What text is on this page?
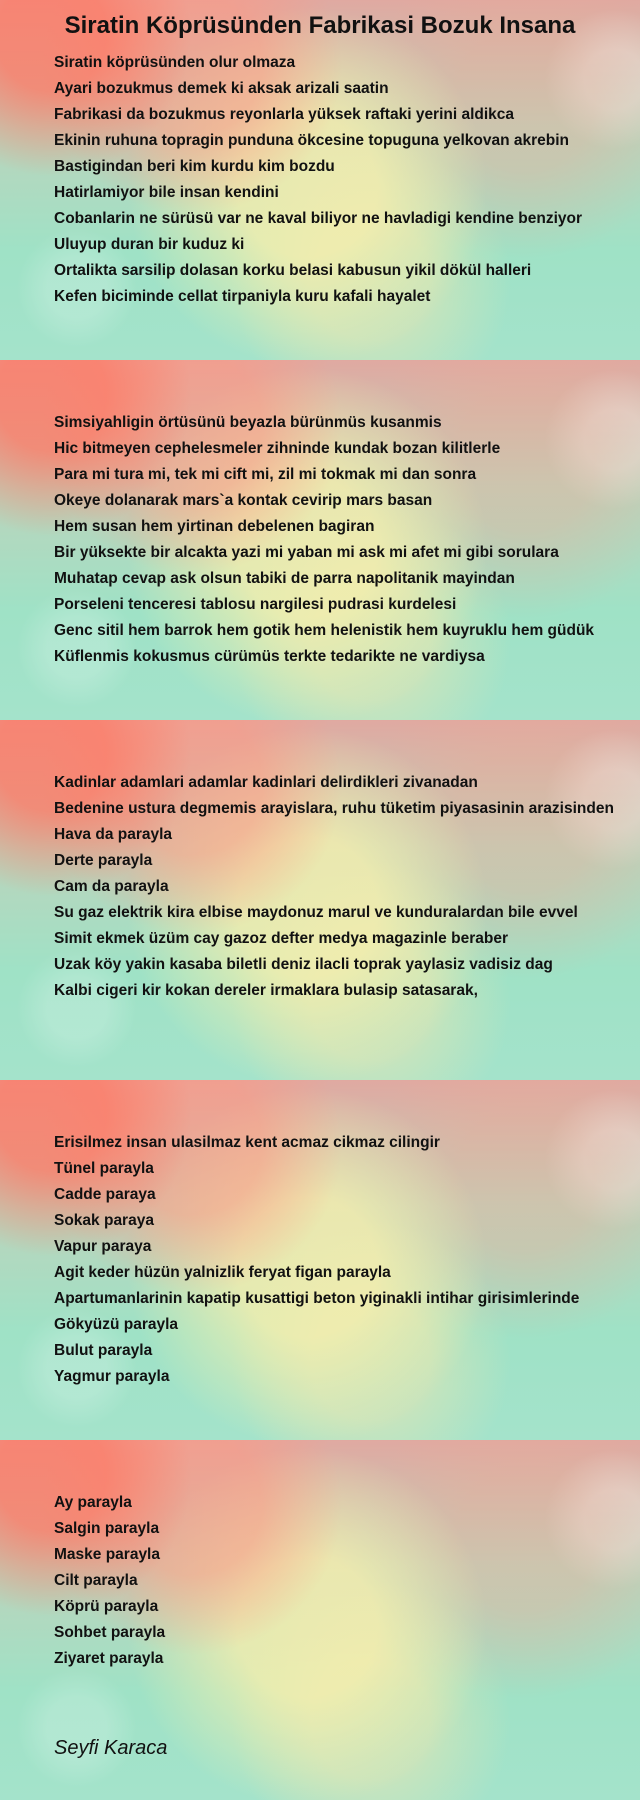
Siratin Köprüsünden Fabrikasi Bozuk Insana
Siratin köprüsünden olur olmaza
Ayari bozukmus demek ki aksak arizali saatin
Fabrikasi da bozukmus reyonlarla yüksek raftaki yerini aldikca
Ekinin ruhuna topragin punduna ökcesine topuguna yelkovan akrebin
Bastigindan beri kim kurdu kim bozdu
Hatirlamiyor bile insan kendini
Cobanlarin ne sürüsü var ne kaval biliyor ne havladigi kendine benziyor
Uluyup duran bir kuduz ki
Ortalikta sarsilip dolasan korku belasi kabusun yikil dökül halleri
Kefen biciminde cellat tirpaniyla kuru kafali hayalet
Simsiyahligin örtüsünü beyazla bürünmüs kusanmis
Hic bitmeyen cephelesmeler zihninde kundak bozan kilitlerle
Para mi tura mi, tek mi cift mi, zil mi tokmak mi dan sonra
Okeye dolanarak mars`a kontak cevirip mars basan
Hem susan hem yirtinan debelenen bagiran
Bir yüksekte bir alcakta yazi mi yaban mi ask mi afet mi gibi sorulara
Muhatap cevap ask olsun tabiki de parra napolitanik mayindan
Porseleni tenceresi tablosu nargilesi pudrasi kurdelesi
Genc sitil hem barrok hem gotik hem helenistik hem kuyruklu hem güdük
Küflenmis kokusmus cürümüs terkte tedarikte ne vardiysa
Kadinlar adamlari adamlar kadinlari delirdikleri zivanadan
Bedenine ustura degmemis arayislara, ruhu tüketim piyasasinin arazisinden
Hava da parayla
Derte parayla
Cam da parayla
Su gaz elektrik kira elbise maydonuz marul ve kunduralardan bile evvel
Simit ekmek üzüm cay gazoz defter medya magazinle beraber
Uzak köy yakin kasaba biletli deniz ilacli toprak yaylasiz vadisiz dag
Kalbi cigeri kir kokan dereler irmaklara bulasip satasarak,
Erisilmez insan ulasilmaz kent acmaz cikmaz cilingir
Tünel parayla
Cadde paraya
Sokak paraya
Vapur paraya
Agit keder hüzün yalnizlik feryat figan parayla
Apartumanlarinin kapatip kusattigi beton yiginakli intihar girisimlerinde
Gökyüzü parayla
Bulut parayla
Yagmur parayla
Ay parayla
Salgin parayla
Maske parayla
Cilt parayla
Köprü parayla
Sohbet parayla
Ziyaret parayla
Seyfi Karaca
